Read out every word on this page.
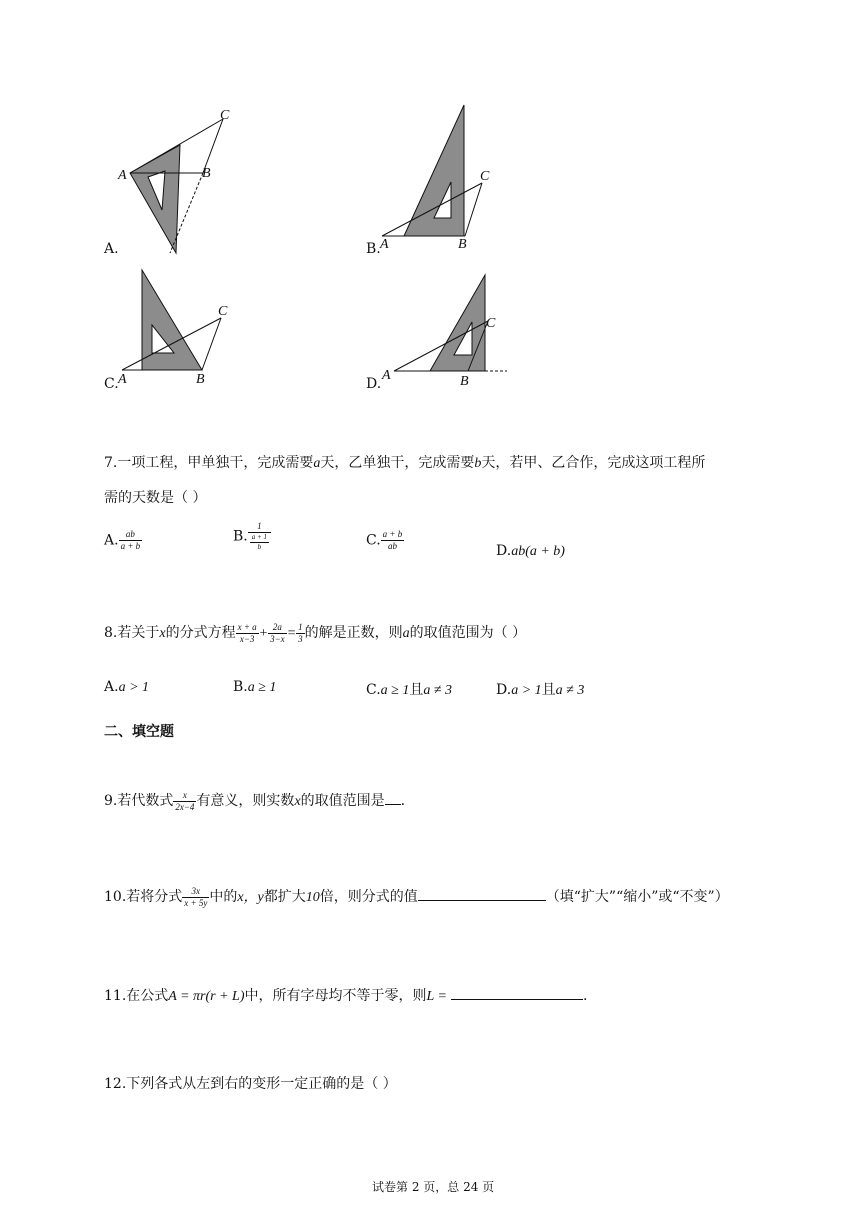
A	B
C
A.	A	B
C
B.
A	B
C
C.
A	B
C
D.
7.一项工程，甲单独干，完成需要a天，乙单独干，完成需要b天，若甲、乙合作，完成这项工程所
需的天数是（ ）
A. $\frac{ab}{a + b}$	B. $\frac{1}{\frac{a + 1}{b}}$	C. $\frac{a + b}{ab}$	D.ab(a + b)
8.若关于x的分式方程 $\frac{x + a}{x-3} + \frac{2a}{3-x} = \frac{1}{3}$ 的解是正数，则a的取值范围为（ ）
A.a > 1	B.a ≥ 1	C.a ≥ 1且a ≠ 3	D.a > 1且a ≠ 3
二、填空题
9.若代数式 $\frac{x}{2x-4}$ 有意义，则实数x的取值范围是 .
10.若将分式 $\frac{3x}{x + 5y}$ 中的x，y都扩大10倍，则分式的值	（填“扩大”“缩小”或“不变”）
11.在公式A = πr(r + L)中，所有字母均不等于零，则L =	.
12.下列各式从左到右的变形一定正确的是（ ）
试卷第 2 页，总 24 页
